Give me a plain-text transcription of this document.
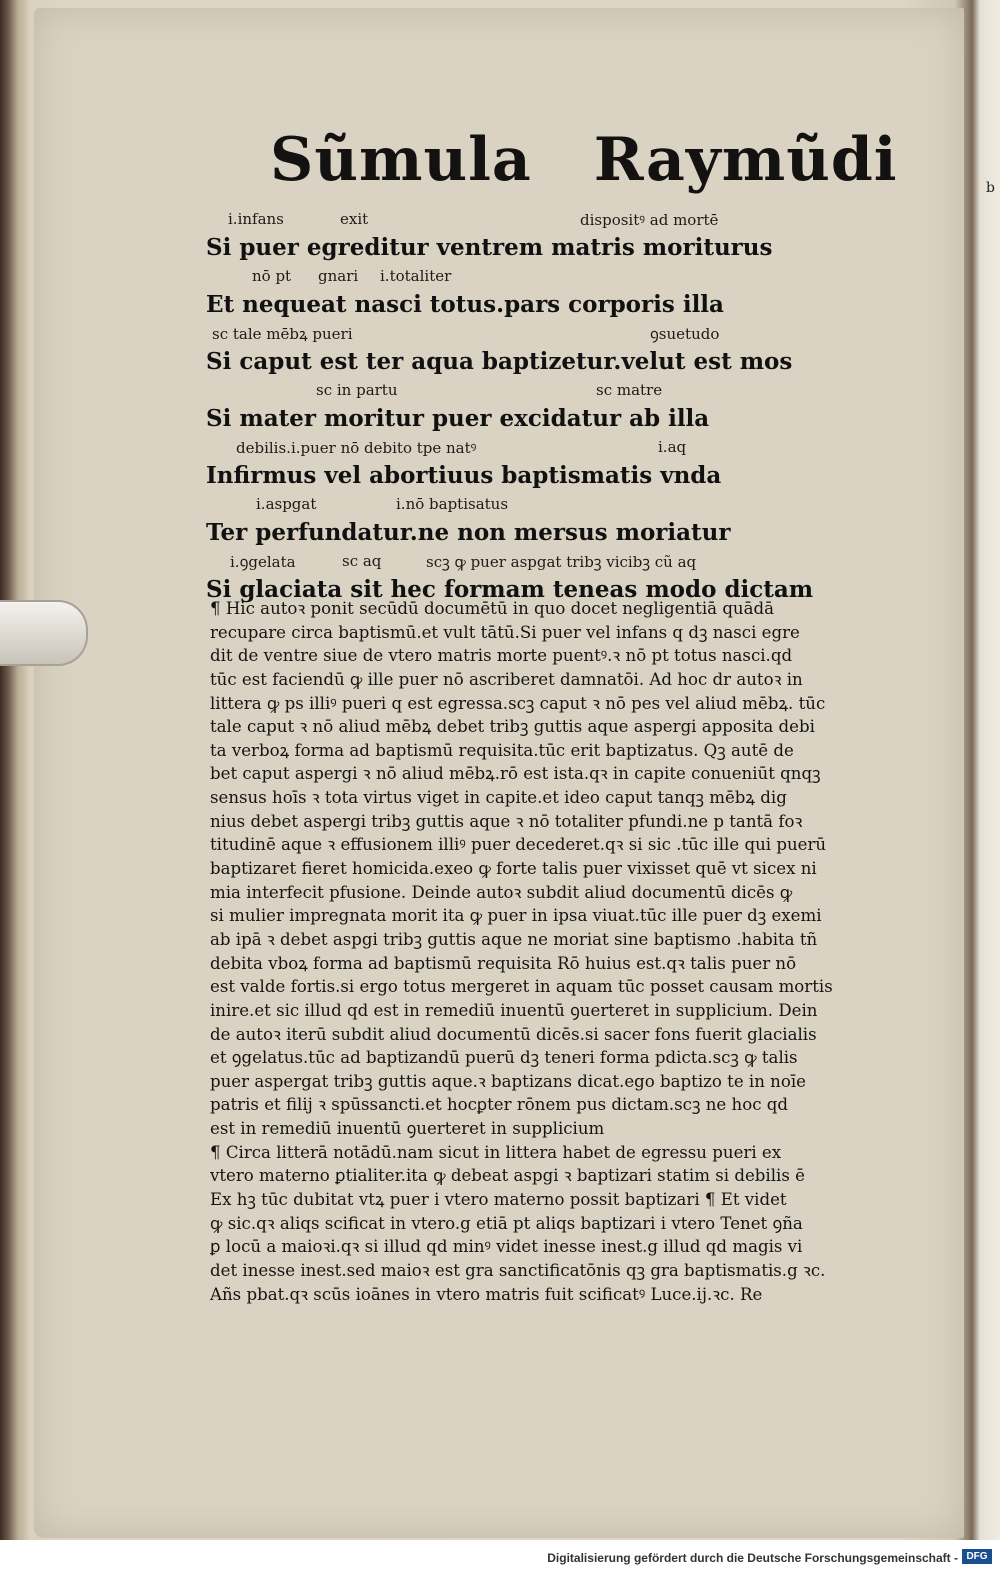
b
Sũmula Raymũdi
i.infans	exit	dispositꝰ ad mortē
Si puer egreditur ventrem matris moriturus
nō pt gnari i.totaliter
Et nequeat nasci totus.pars corporis illa
sc tale mēbꝝ pueri	ꝯsuetudo
Si caput est ter aqua baptizetur.velut est mos
sc in partu	sc matre
Si mater moritur puer excidatur ab illa
debilis.i.puer nō debito tpe natꝰ	i.aq
Infirmus vel abortiuus baptismatis vnda
i.aspgat	i.nō baptisatus
Ter perfundatur.ne non mersus moriatur
i.ꝯgelata	sc aq	scꝫ ꝙ puer aspgat tribꝫ vicibꝫ cũ aq
Si glaciata sit hec formam teneas modo dictam
¶ Hic autoꝛ ponit secūdū documētū in quo docet negligentiā quādā
recupare circa baptismū.et vult tātū.Si puer vel infans q dꝫ nasci egre
dit de ventre siue de vtero matris morte puentꝰ.ꝛ nō pt totus nasci.qd
tūc est faciendū ꝙ ille puer nō ascriberet damnatōi. Ad hoc dr autoꝛ in
littera ꝙ ps illiꝰ pueri q est egressa.scꝫ caput ꝛ nō pes vel aliud mēbꝝ. tūc
tale caput ꝛ nō aliud mēbꝝ debet tribꝫ guttis aque aspergi apposita debi
ta verboꝝ forma ad baptismū requisita.tūc erit baptizatus. Qꝫ autē de
bet caput aspergi ꝛ nō aliud mēbꝝ.rō est ista.qꝛ in capite conueniūt qnqꝫ
sensus hoīs ꝛ tota virtus viget in capite.et ideo caput tanqꝫ mēbꝝ dig
nius debet aspergi tribꝫ guttis aque ꝛ nō totaliter pfundi.ne p tantā foꝛ
titudinē aque ꝛ effusionem illiꝰ puer decederet.qꝛ si sic .tūc ille qui puerū
baptizaret fieret homicida.exeo ꝙ forte talis puer vixisset quē vt sicex ni
mia interfecit pfusione. Deinde autoꝛ subdit aliud documentū dicēs ꝙ
si mulier impregnata morit ita ꝙ puer in ipsa viuat.tūc ille puer dꝫ exemi
ab ipā ꝛ debet aspgi tribꝫ guttis aque ne moriat sine baptismo .habita tñ
debita vboꝝ forma ad baptismū requisita Rō huius est.qꝛ talis puer nō
est valde fortis.si ergo totus mergeret in aquam tūc posset causam mortis
inire.et sic illud qd est in remediū inuentū ꝯuerteret in supplicium. Dein
de autoꝛ iterū subdit aliud documentū dicēs.si sacer fons fuerit glacialis
et ꝯgelatus.tūc ad baptizandū puerū dꝫ teneri forma pdicta.scꝫ ꝙ talis
puer aspergat tribꝫ guttis aque.ꝛ baptizans dicat.ego baptizo te in noīe
patris et filij ꝛ spūssancti.et hocꝑter rōnem pus dictam.scꝫ ne hoc qd
est in remediū inuentū ꝯuerteret in supplicium
¶ Circa litterā notādū.nam sicut in littera habet de egressu pueri ex
vtero materno ꝑtialiter.ita ꝙ debeat aspgi ꝛ baptizari statim si debilis ē
Ex hꝫ tūc dubitat vtꝝ puer i vtero materno possit baptizari ¶ Et videt
ꝙ sic.qꝛ aliqs scificat in vtero.g etiā pt aliqs baptizari i vtero Tenet ꝯña
ꝑ locū a maioꝛi.qꝛ si illud qd minꝰ videt inesse inest.g illud qd magis vi
det inesse inest.sed maioꝛ est gra sanctificatōnis qꝫ gra baptismatis.g ꝛc.
Añs pbat.qꝛ scūs ioānes in vtero matris fuit scificatꝰ Luce.ij.ꝛc. Re
Digitalisierung gefördert durch die Deutsche Forschungsgemeinschaft - DFG
